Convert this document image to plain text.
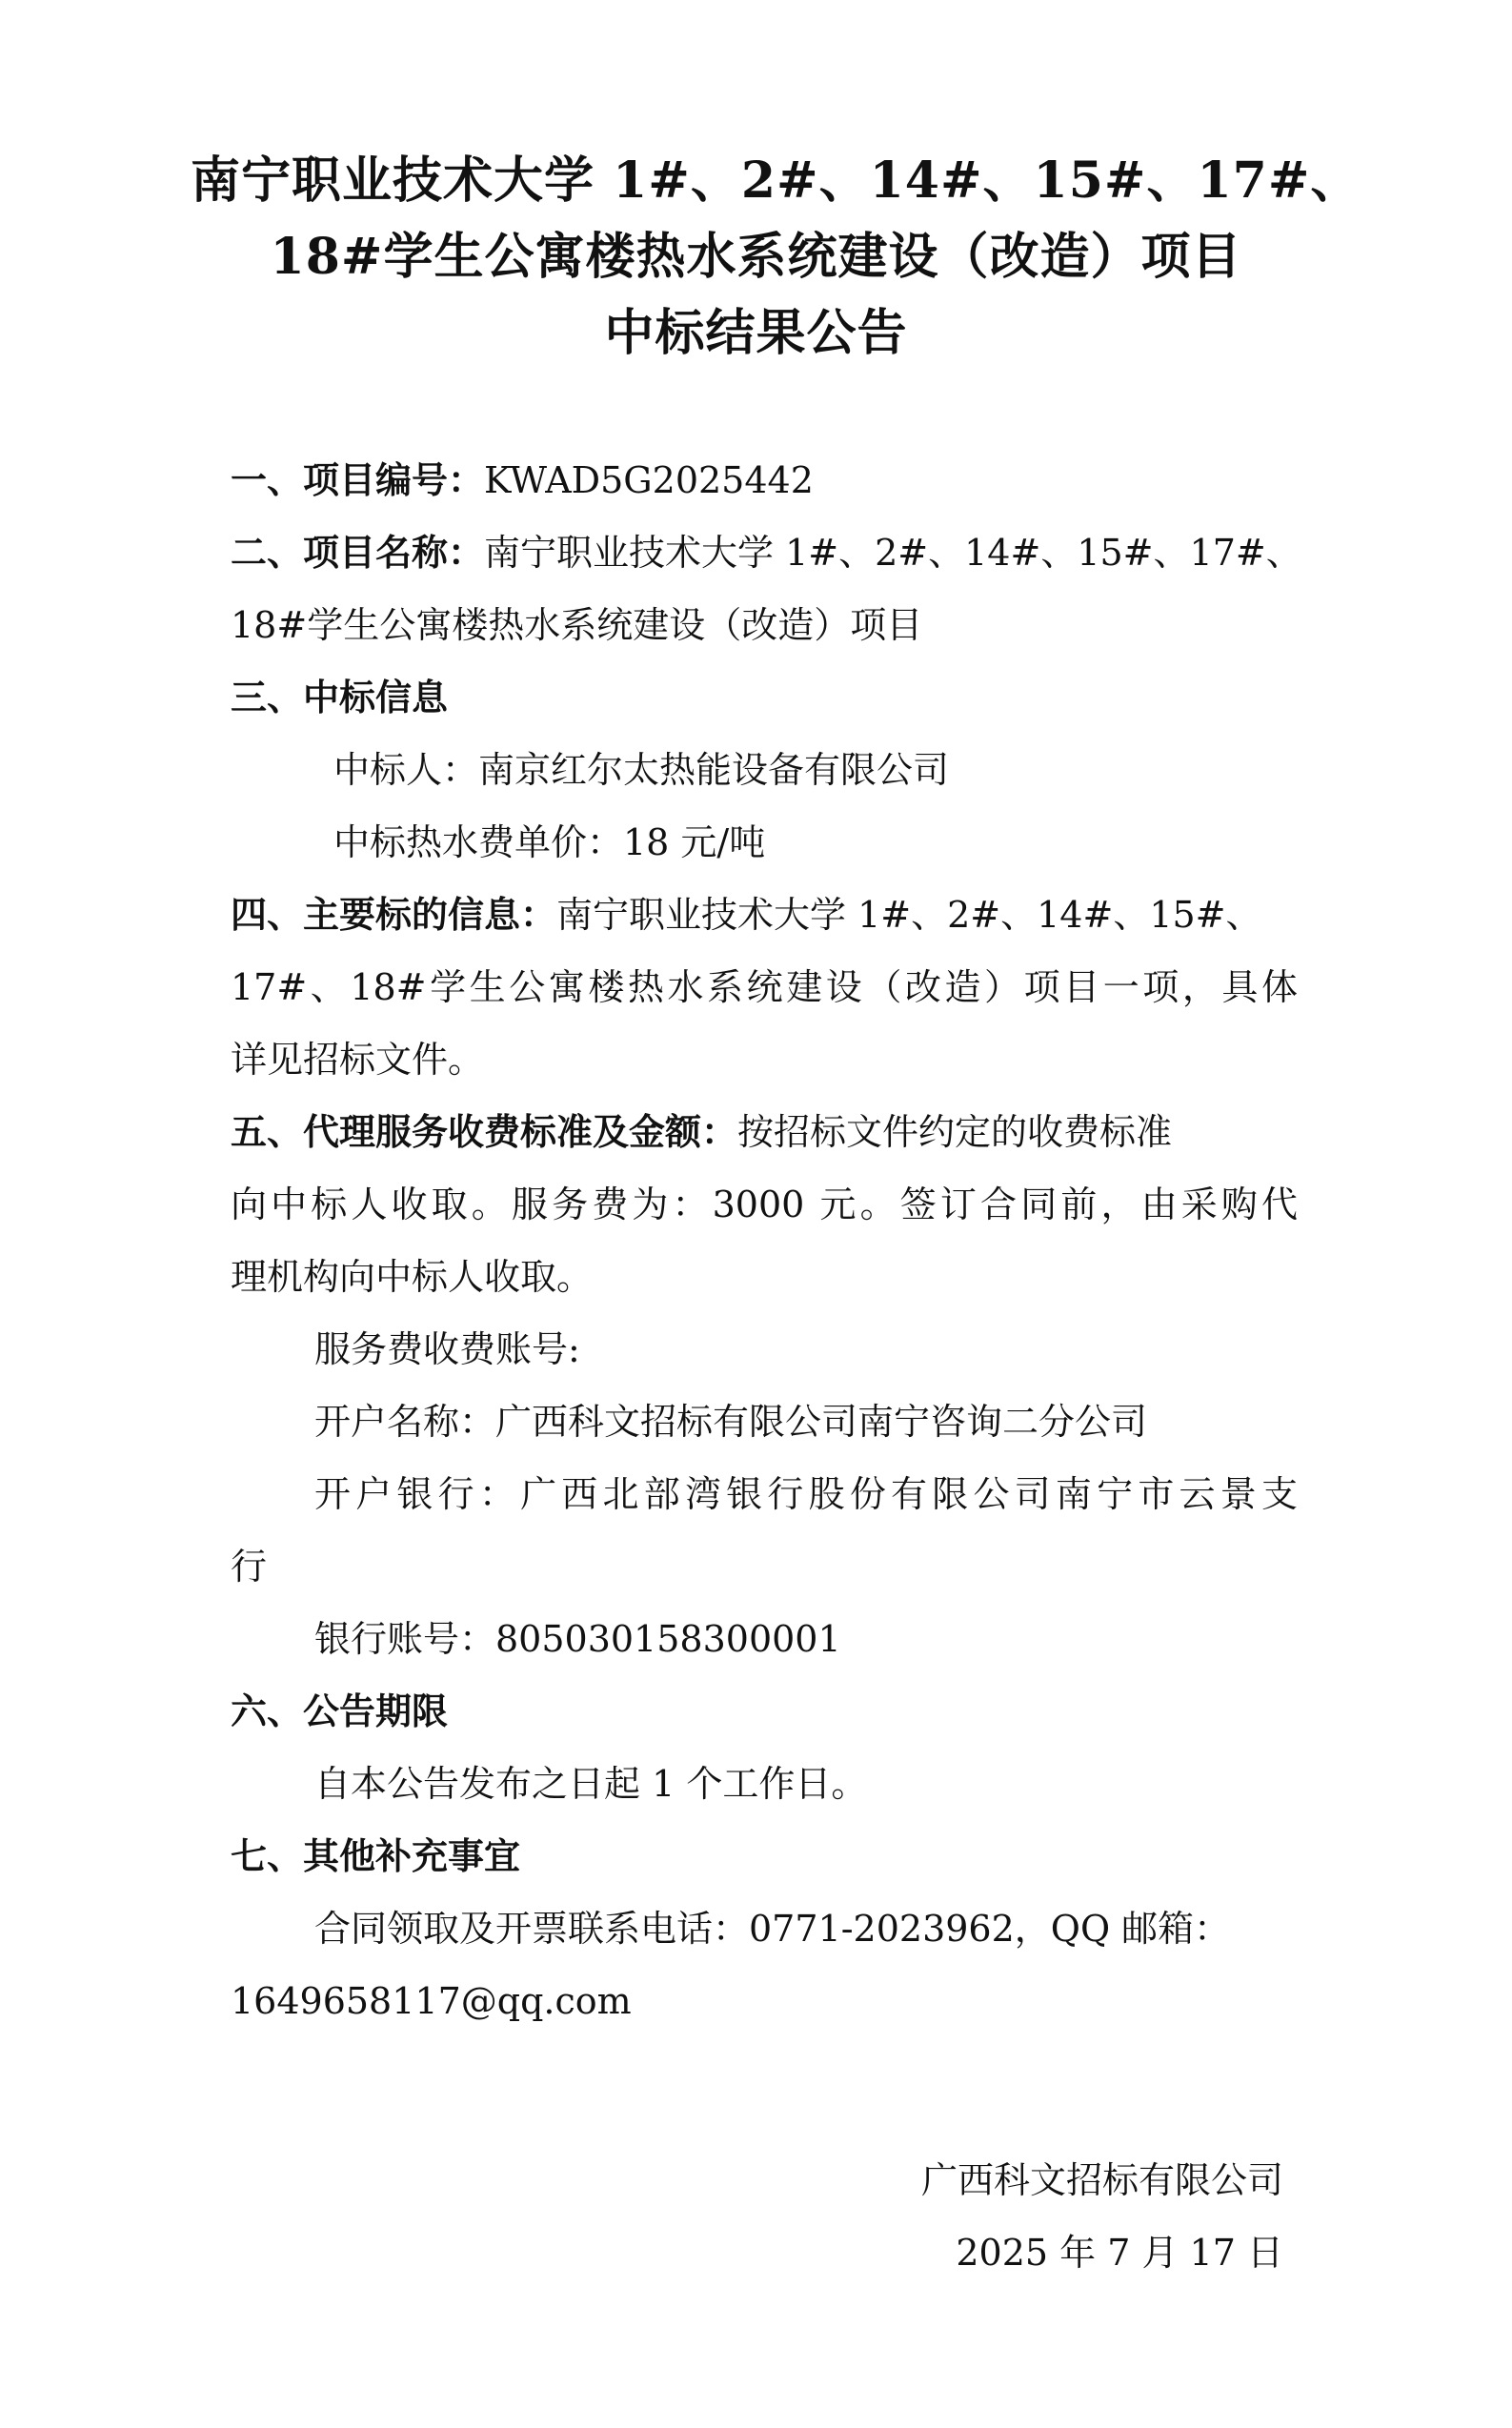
南宁职业技术大学 1#、2#、14#、15#、17#、
18#学生公寓楼热水系统建设（改造）项目
中标结果公告
一、项目编号：KWAD5G2025442
二、项目名称：南宁职业技术大学 1#、2#、14#、15#、17#、
18#学生公寓楼热水系统建设（改造）项目
三、中标信息
中标人：南京红尔太热能设备有限公司
中标热水费单价：18 元/吨
四、主要标的信息：南宁职业技术大学 1#、2#、14#、15#、
17#、18#学生公寓楼热水系统建设（改造）项目一项，具体
详见招标文件。
五、代理服务收费标准及金额：按招标文件约定的收费标准
向中标人收取。服务费为：3000 元。签订合同前，由采购代
理机构向中标人收取。
服务费收费账号:
开户名称：广西科文招标有限公司南宁咨询二分公司
开户银行：广西北部湾银行股份有限公司南宁市云景支
行
银行账号：805030158300001
六、公告期限
自本公告发布之日起 1 个工作日。
七、其他补充事宜
合同领取及开票联系电话：0771-2023962，QQ 邮箱：
1649658117@qq.com
广西科文招标有限公司
2025 年 7 月 17 日
